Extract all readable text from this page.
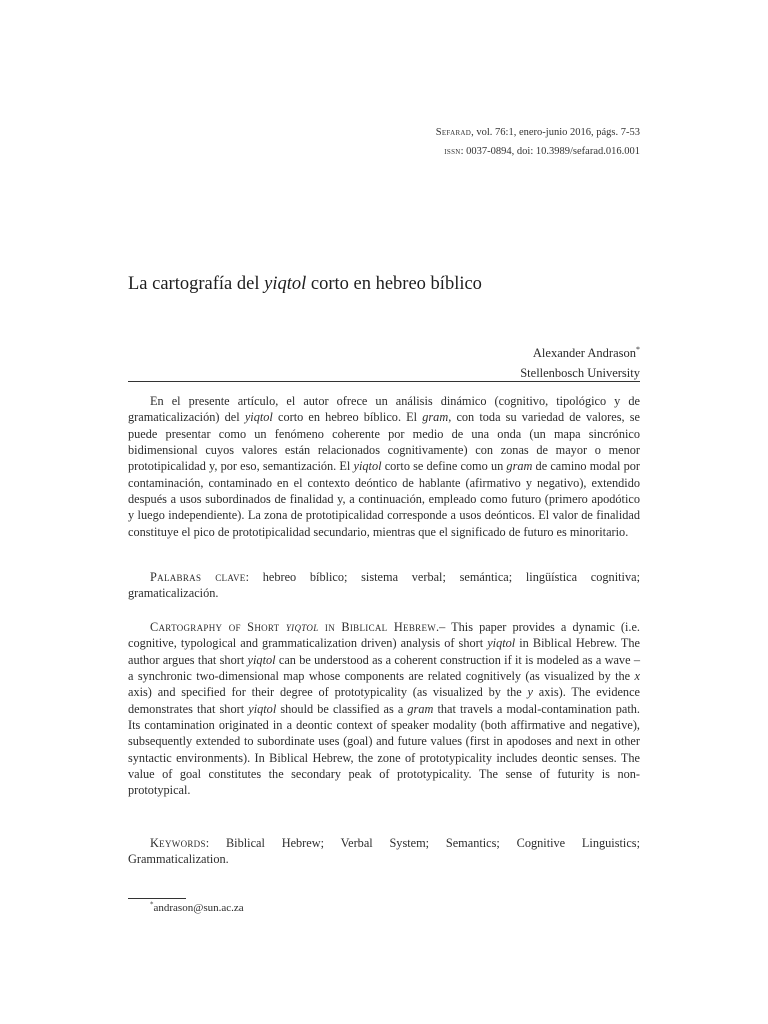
Sefarad, vol. 76:1, enero-junio 2016, págs. 7-53
issn: 0037-0894, doi: 10.3989/sefarad.016.001
La cartografía del yiqtol corto en hebreo bíblico
Alexander Andrason*
Stellenbosch University

En el presente artículo, el autor ofrece un análisis dinámico (cognitivo, tipológico y de gramaticalización) del yiqtol corto en hebreo bíblico. El gram, con toda su variedad de valores, se puede presentar como un fenómeno coherente por medio de una onda (un mapa sincrónico bidimensional cuyos valores están relacionados cognitivamente) con zonas de mayor o menor prototipicalidad y, por eso, semantización. El yiqtol corto se define como un gram de camino modal por contaminación, contaminado en el contexto deóntico de hablante (afirmativo y negativo), extendido después a usos subordinados de finalidad y, a continuación, empleado como futuro (primero apodótico y luego independiente). La zona de prototipicalidad corresponde a usos deónticos. El valor de finalidad constituye el pico de prototipicalidad secundario, mientras que el significado de futuro es minoritario.

Palabras clave: hebreo bíblico; sistema verbal; semántica; lingüística cognitiva; gramaticalización.

Cartography of Short yiqtol in Biblical Hebrew.– This paper provides a dynamic (i.e. cognitive, typological and grammaticalization driven) analysis of short yiqtol in Biblical Hebrew. The author argues that short yiqtol can be understood as a coherent construction if it is modeled as a wave – a synchronic two-dimensional map whose components are related cognitively (as visualized by the x axis) and specified for their degree of prototypicality (as visualized by the y axis). The evidence demonstrates that short yiqtol should be classified as a gram that travels a modal-contamination path. Its contamination originated in a deontic context of speaker modality (both affirmative and negative), subsequently extended to subordinate uses (goal) and future values (first in apodoses and next in other syntactic environments). In Biblical Hebrew, the zone of prototypicality includes deontic senses. The value of goal constitutes the secondary peak of prototypicality. The sense of futurity is non-prototypical.

Keywords: Biblical Hebrew; Verbal System; Semantics; Cognitive Linguistics; Grammaticalization.

*andrason@sun.ac.za
